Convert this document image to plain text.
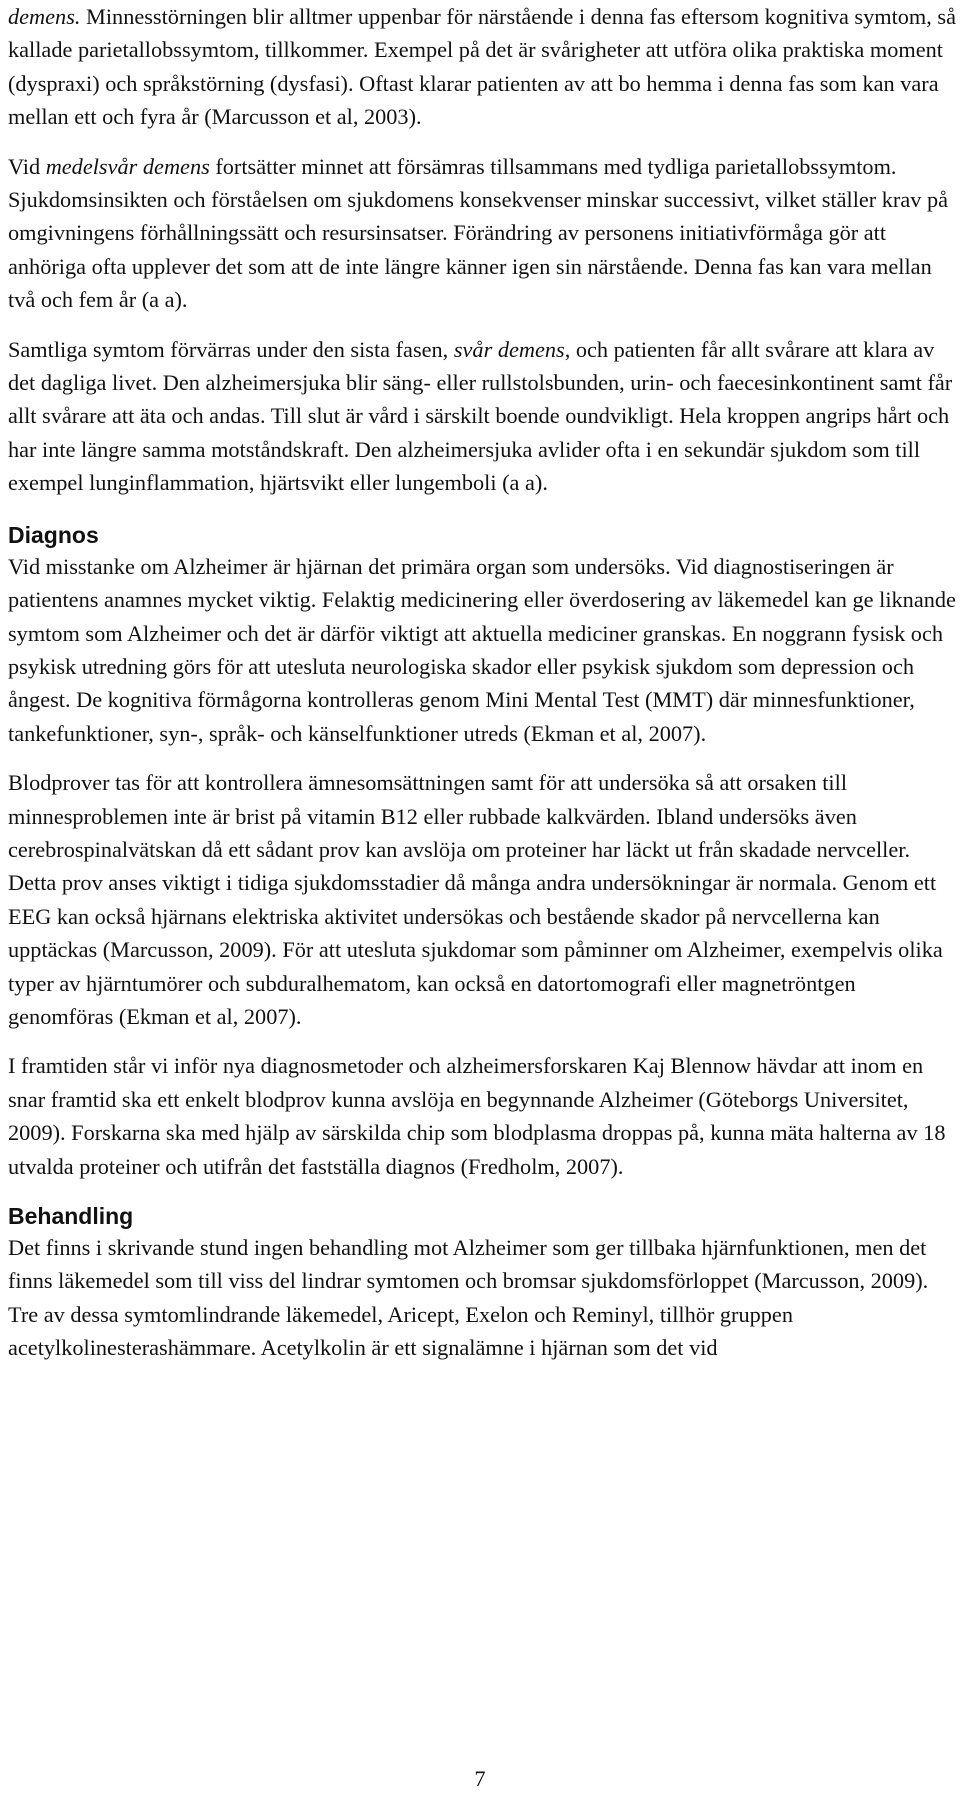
demens. Minnesstörningen blir alltmer uppenbar för närstående i denna fas eftersom kognitiva symtom, så kallade parietallobssymtom, tillkommer. Exempel på det är svårigheter att utföra olika praktiska moment (dyspraxi) och språkstörning (dysfasi). Oftast klarar patienten av att bo hemma i denna fas som kan vara mellan ett och fyra år (Marcusson et al, 2003).

Vid medelsvår demens fortsätter minnet att försämras tillsammans med tydliga parietallobssymtom. Sjukdomsinsikten och förståelsen om sjukdomens konsekvenser minskar successivt, vilket ställer krav på omgivningens förhållningssätt och resursinsatser. Förändring av personens initiativförmåga gör att anhöriga ofta upplever det som att de inte längre känner igen sin närstående. Denna fas kan vara mellan två och fem år (a a).

Samtliga symtom förvärras under den sista fasen, svår demens, och patienten får allt svårare att klara av det dagliga livet. Den alzheimersjuka blir säng- eller rullstolsbunden, urin- och faecesinkontinent samt får allt svårare att äta och andas. Till slut är vård i särskilt boende oundvikligt. Hela kroppen angrips hårt och har inte längre samma motståndskraft. Den alzheimersjuka avlider ofta i en sekundär sjukdom som till exempel lunginflammation, hjärtsvikt eller lungemboli (a a).

Diagnos

Vid misstanke om Alzheimer är hjärnan det primära organ som undersöks. Vid diagnostiseringen är patientens anamnes mycket viktig. Felaktig medicinering eller överdosering av läkemedel kan ge liknande symtom som Alzheimer och det är därför viktigt att aktuella mediciner granskas. En noggrann fysisk och psykisk utredning görs för att utesluta neurologiska skador eller psykisk sjukdom som depression och ångest. De kognitiva förmågorna kontrolleras genom Mini Mental Test (MMT) där minnesfunktioner, tankefunktioner, syn-, språk- och känselfunktioner utreds (Ekman et al, 2007).

Blodprover tas för att kontrollera ämnesomsättningen samt för att undersöka så att orsaken till minnesproblemen inte är brist på vitamin B12 eller rubbade kalkvärden. Ibland undersöks även cerebrospinalvätskan då ett sådant prov kan avslöja om proteiner har läckt ut från skadade nervceller. Detta prov anses viktigt i tidiga sjukdomsstadier då många andra undersökningar är normala. Genom ett EEG kan också hjärnans elektriska aktivitet undersökas och bestående skador på nervcellerna kan upptäckas (Marcusson, 2009). För att utesluta sjukdomar som påminner om Alzheimer, exempelvis olika typer av hjärntumörer och subduralhematom, kan också en datortomografi eller magnetröntgen genomföras (Ekman et al, 2007).

I framtiden står vi inför nya diagnosmetoder och alzheimersforskaren Kaj Blennow hävdar att inom en snar framtid ska ett enkelt blodprov kunna avslöja en begynnande Alzheimer (Göteborgs Universitet, 2009). Forskarna ska med hjälp av särskilda chip som blodplasma droppas på, kunna mäta halterna av 18 utvalda proteiner och utifrån det fastställa diagnos (Fredholm, 2007).

Behandling

Det finns i skrivande stund ingen behandling mot Alzheimer som ger tillbaka hjärnfunktionen, men det finns läkemedel som till viss del lindrar symtomen och bromsar sjukdomsförloppet (Marcusson, 2009). Tre av dessa symtomlindrande läkemedel, Aricept, Exelon och Reminyl, tillhör gruppen acetylkolinesterashämmare. Acetylkolin är ett signalämne i hjärnan som det vid

7
